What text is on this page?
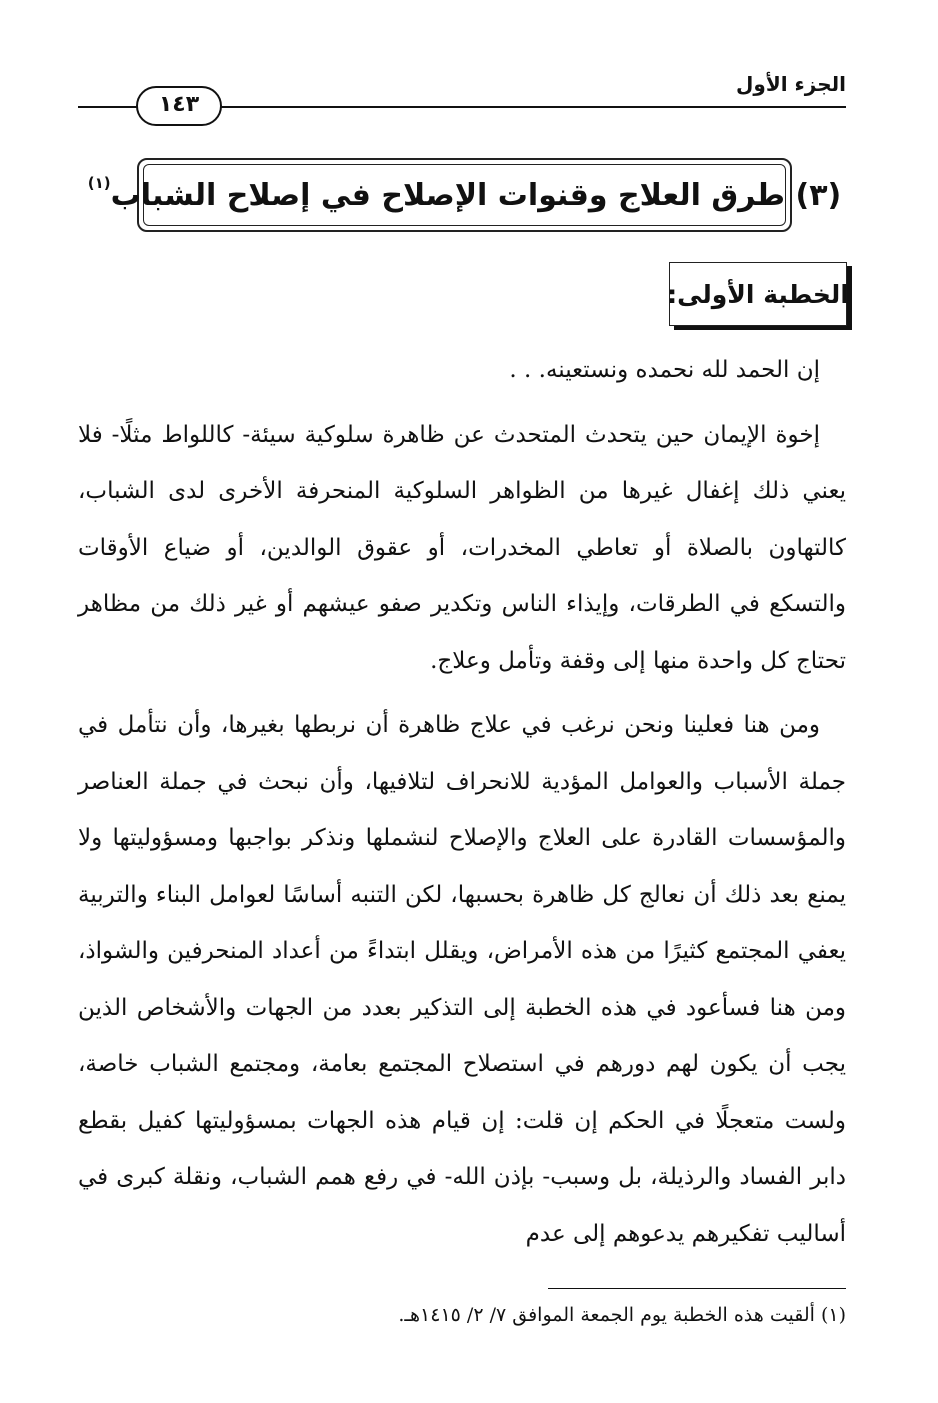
الجزء الأول
١٤٣
(٣) طرق العلاج وقنوات الإصلاح في إصلاح الشباب
(١)
الخطبة الأولى:

إن الحمد لله نحمده ونستعينه. . .

إخوة الإيمان حين يتحدث المتحدث عن ظاهرة سلوكية سيئة- كاللواط مثلًا- فلا يعني ذلك إغفال غيرها من الظواهر السلوكية المنحرفة الأخرى لدى الشباب، كالتهاون بالصلاة أو تعاطي المخدرات، أو عقوق الوالدين، أو ضياع الأوقات والتسكع في الطرقات، وإيذاء الناس وتكدير صفو عيشهم أو غير ذلك من مظاهر تحتاج كل واحدة منها إلى وقفة وتأمل وعلاج.

ومن هنا فعلينا ونحن نرغب في علاج ظاهرة أن نربطها بغيرها، وأن نتأمل في جملة الأسباب والعوامل المؤدية للانحراف لتلافيها، وأن نبحث في جملة العناصر والمؤسسات القادرة على العلاج والإصلاح لنشملها ونذكر بواجبها ومسؤوليتها ولا يمنع بعد ذلك أن نعالج كل ظاهرة بحسبها، لكن التنبه أساسًا لعوامل البناء والتربية يعفي المجتمع كثيرًا من هذه الأمراض، ويقلل ابتداءً من أعداد المنحرفين والشواذ، ومن هنا فسأعود في هذه الخطبة إلى التذكير بعدد من الجهات والأشخاص الذين يجب أن يكون لهم دورهم في استصلاح المجتمع بعامة، ومجتمع الشباب خاصة، ولست متعجلًا في الحكم إن قلت: إن قيام هذه الجهات بمسؤوليتها كفيل بقطع دابر الفساد والرذيلة، بل وسبب- بإذن الله- في رفع همم الشباب، ونقلة كبرى في أساليب تفكيرهم يدعوهم إلى عدم

(١) ألقيت هذه الخطبة يوم الجمعة الموافق ٧/ ٢/ ١٤١٥هـ.
